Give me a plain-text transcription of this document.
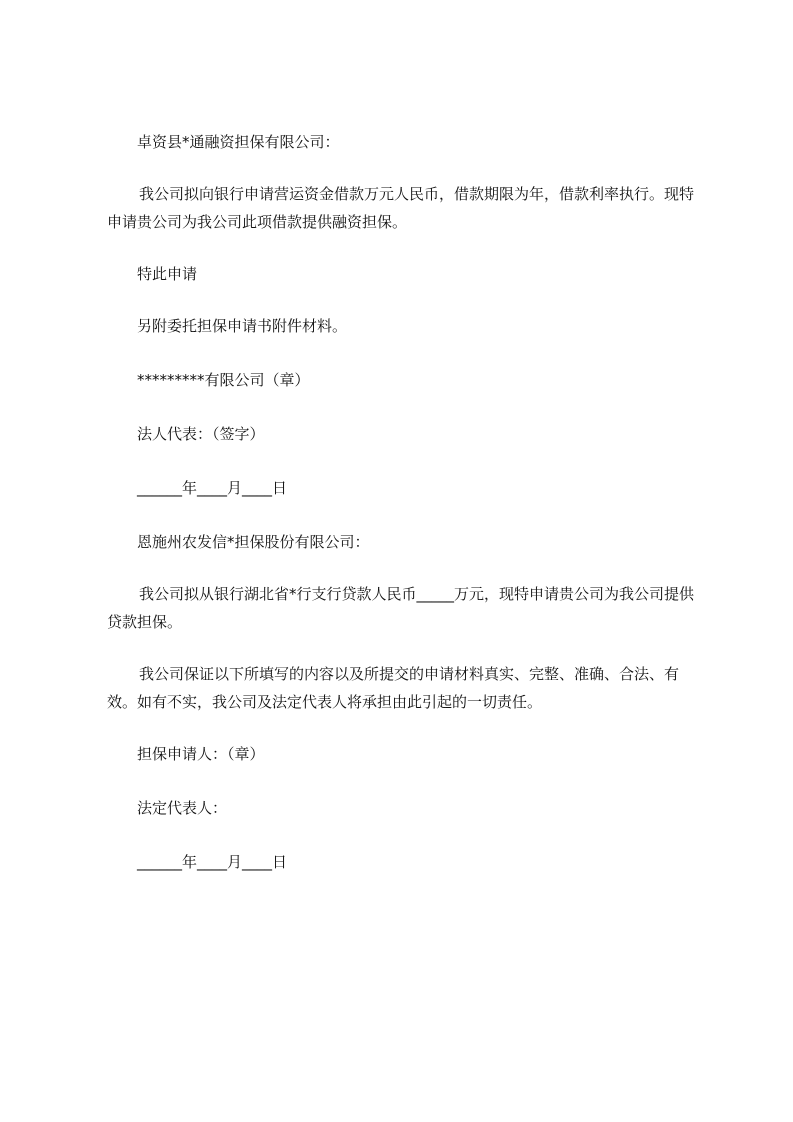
卓资县*通融资担保有限公司：

我公司拟向银行申请营运资金借款万元人民币，借款期限为年，借款利率执行。现特申请贵公司为我公司此项借款提供融资担保。

特此申请

另附委托担保申请书附件材料。

*********有限公司（章）

法人代表：（签字）

______年____月____日

恩施州农发信*担保股份有限公司：

我公司拟从银行湖北省*行支行贷款人民币_____万元，现特申请贵公司为我公司提供贷款担保。

我公司保证以下所填写的内容以及所提交的申请材料真实、完整、准确、合法、有效。如有不实，我公司及法定代表人将承担由此引起的一切责任。

担保申请人：（章）

法定代表人：

______年____月____日
